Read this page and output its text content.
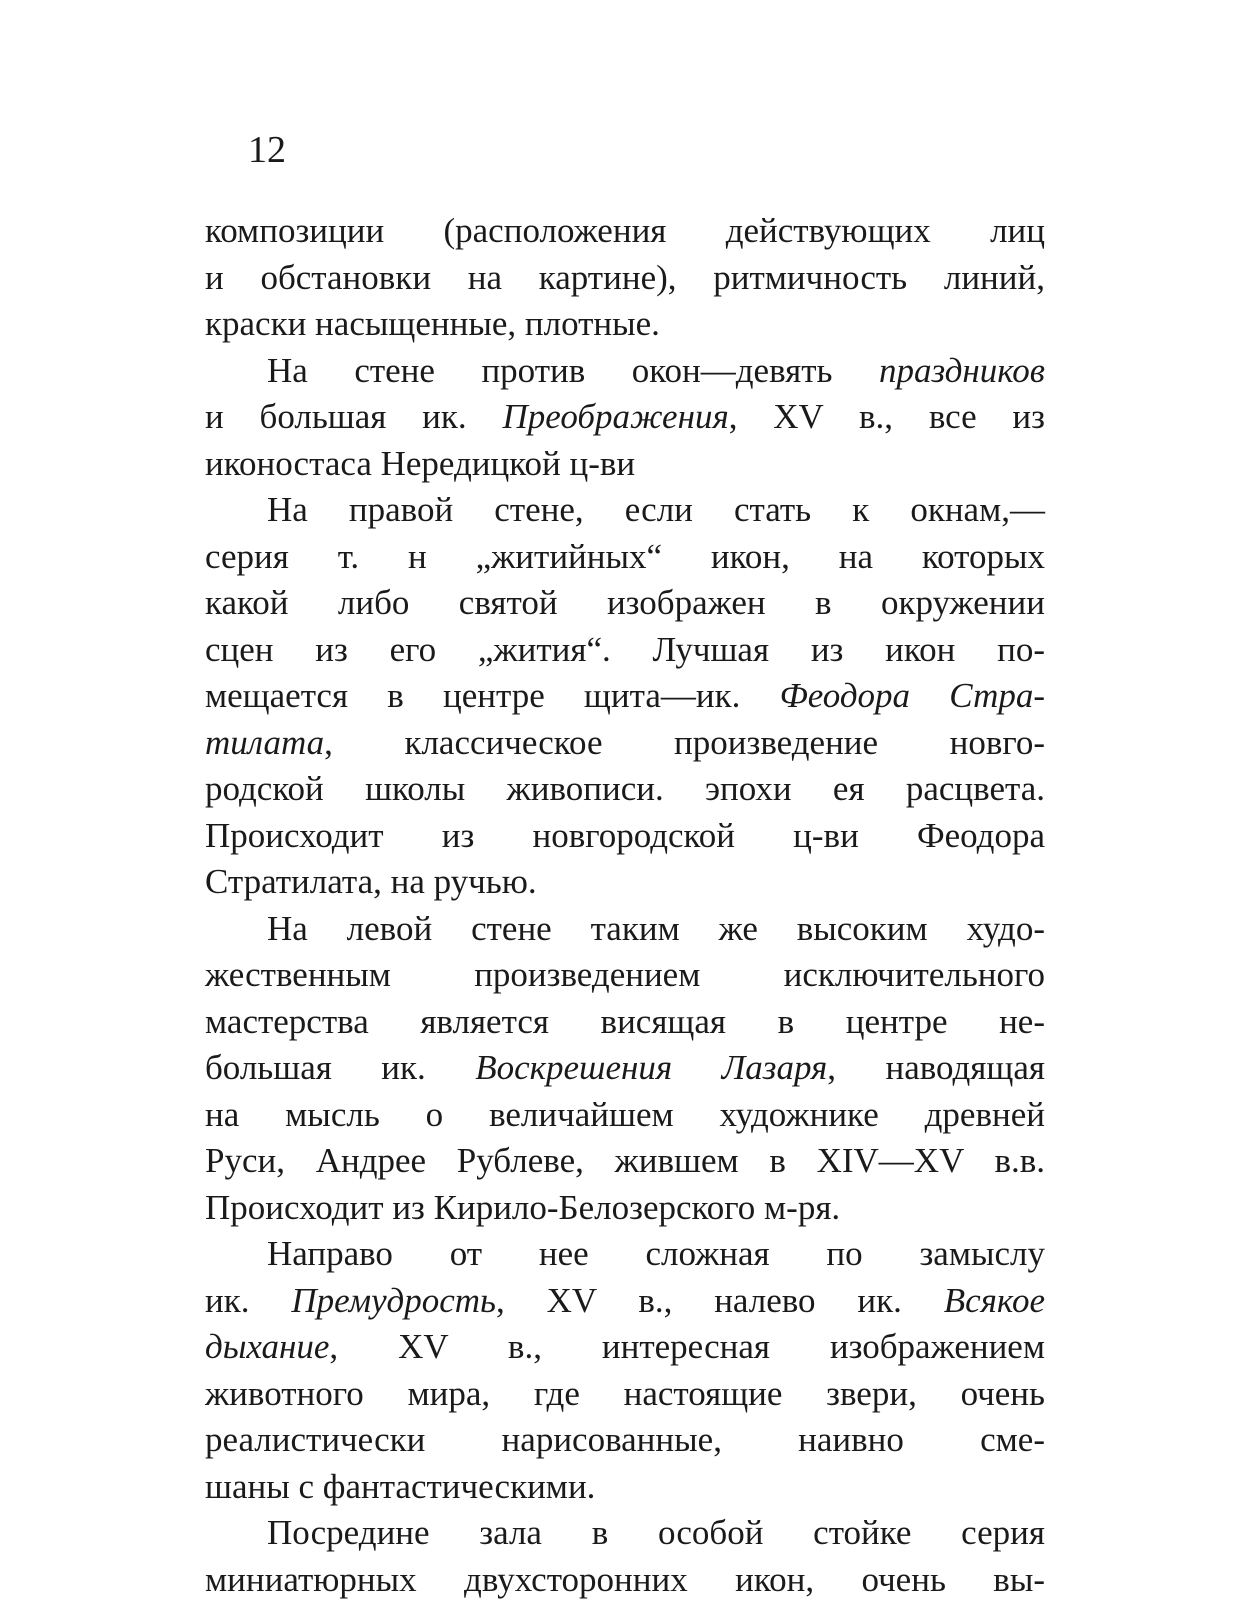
12
композиции (расположения действующих лиц
и обстановки на картине), ритмичность линий,
краски насыщенные, плотные.
На стене против окон—девять праздников
и большая ик. Преображения, XV в., все из
иконостаса Нередицкой ц-ви
На правой стене, если стать к окнам,—
серия т. н „житийных“ икон, на которых
какой либо святой изображен в окружении
сцен из его „жития“. Лучшая из икон по-
мещается в центре щита—ик. Феодора Стра-
тилата, классическое произведение новго-
родской школы живописи. эпохи ея расцвета.
Происходит из новгородской ц-ви Феодора
Стратилата, на ручью.
На левой стене таким же высоким худо-
жественным произведением исключительного
мастерства является висящая в центре не-
большая ик. Воскрешения Лазаря, наводящая
на мысль о величайшем художнике древней
Руси, Андрее Рублеве, жившем в XIV—XV в.в.
Происходит из Кирило-Белозерского м-ря.
Направо от нее сложная по замыслу
ик. Премудрость, XV в., налево ик. Всякое
дыхание, XV в., интересная изображением
животного мира, где настоящие звери, очень
реалистически нарисованные, наивно сме-
шаны с фантастическими.
Посредине зала в особой стойке серия
миниатюрных двухсторонних икон, очень вы-
